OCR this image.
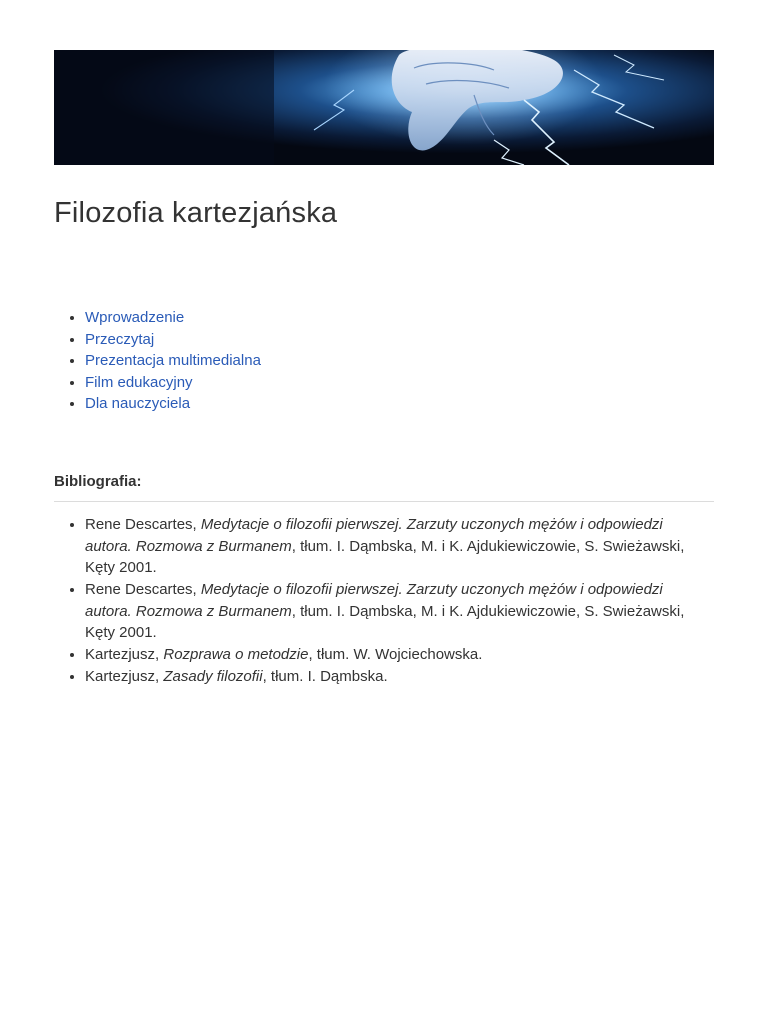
Filozofia kartezjańska
• Wprowadzenie
• Przeczytaj
• Prezentacja multimedialna
• Film edukacyjny
• Dla nauczyciela
Bibliografia:
• Rene Descartes, Medytacje o filozofii pierwszej. Zarzuty uczonych mężów i odpowiedzi autora. Rozmowa z Burmanem, tłum. I. Dąmbska, M. i K. Ajdukiewiczowie, S. Swieżawski, Kęty 2001.
• Rene Descartes, Medytacje o filozofii pierwszej. Zarzuty uczonych mężów i odpowiedzi autora. Rozmowa z Burmanem, tłum. I. Dąmbska, M. i K. Ajdukiewiczowie, S. Swieżawski, Kęty 2001.
• Kartezjusz, Rozprawa o metodzie, tłum. W. Wojciechowska.
• Kartezjusz, Zasady filozofii, tłum. I. Dąmbska.
